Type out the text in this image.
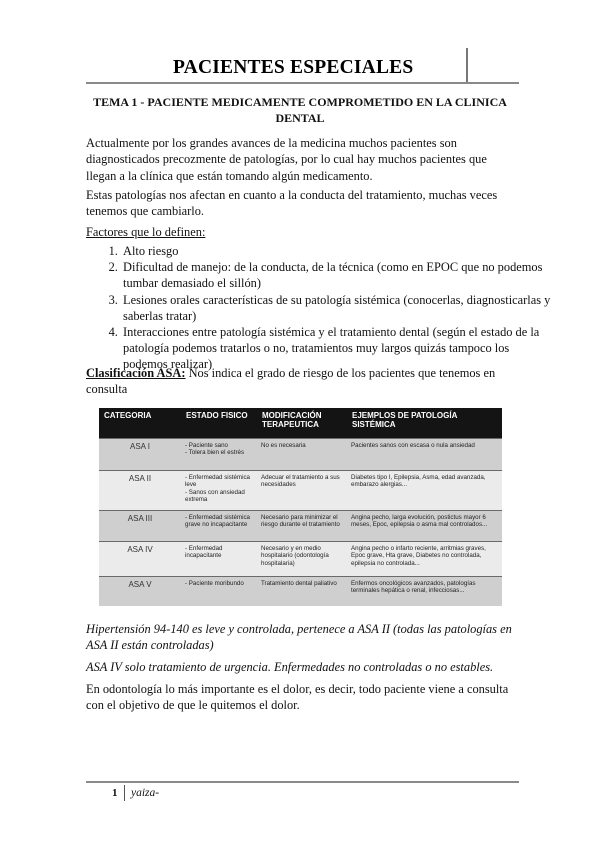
PACIENTES ESPECIALES
TEMA 1 - PACIENTE MEDICAMENTE COMPROMETIDO EN LA CLINICA DENTAL
Actualmente por los grandes avances de la medicina muchos pacientes son diagnosticados precozmente de patologías, por lo cual hay muchos pacientes que llegan a la clínica que están tomando algún medicamento.
Estas patologías nos afectan en cuanto a la conducta del tratamiento, muchas veces tenemos que cambiarlo.
Factores que lo definen:
1. Alto riesgo
2. Dificultad de manejo: de la conducta, de la técnica (como en EPOC que no podemos tumbar demasiado el sillón)
3. Lesiones orales características de su patología sistémica (conocerlas, diagnosticarlas y saberlas tratar)
4. Interacciones entre patología sistémica y el tratamiento dental (según el estado de la patología podemos tratarlos o no, tratamientos muy largos quizás tampoco los podemos realizar)
Clasificación ASA: Nos indica el grado de riesgo de los pacientes que tenemos en consulta
CATEGORIA	ESTADO FISICO	MODIFICACIÓN TERAPEUTICA	EJEMPLOS DE PATOLOGÍA SISTÉMICA
ASA I	- Paciente sano
- Tolera bien el estrés	No es necesaria	Pacientes sanos con escasa o nula ansiedad
ASA II	- Enfermedad sistémica leve
- Sanos con ansiedad extrema	Adecuar el tratamiento a sus necesidades	Diabetes tipo I, Epilepsia, Asma, edad avanzada, embarazo alergias...
ASA III	- Enfermedad sistémica grave no incapacitante	Necesario para minimizar el riesgo durante el tratamiento	Angina pecho, larga evolución, postictus mayor 6 meses, Epoc, epilepsia o asma mal controlados...
ASA IV	- Enfermedad incapacitante	Necesario y en medio hospitalario (odontología hospitalaria)	Angina pecho o infarto reciente, arritmias graves, Epoc grave, Hta grave, Diabetes no controlada, epilepsia no controlada...
ASA V	- Paciente moribundo	Tratamiento dental paliativo	Enfermos oncológicos avanzados, patologías terminales hepática o renal, infecciosas...
Hipertensión 94-140 es leve y controlada, pertenece a ASA II (todas las patologías en ASA II están controladas)
ASA IV solo tratamiento de urgencia. Enfermedades no controladas o no estables.
En odontología lo más importante es el dolor, es decir, todo paciente viene a consulta con el objetivo de que le quitemos el dolor.
1 yaiza-
